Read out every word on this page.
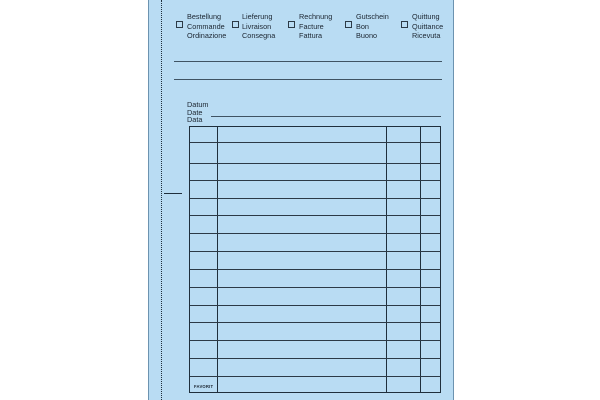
Bestellung
Commande
Ordinazione
Lieferung
Livraison
Consegna
Rechnung
Facture
Fattura
Gutschein
Bon
Buono
Quittung
Quittance
Ricevuta
Datum
Date
Data
FAVORIT
